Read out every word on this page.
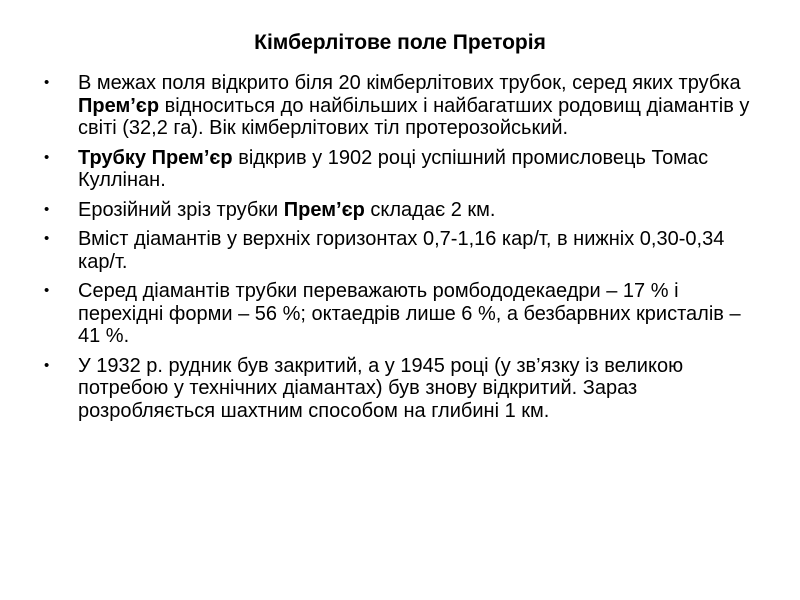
Кімберлітове поле Преторія
• В межах поля відкрито біля 20 кімберлітових трубок, серед яких трубка Прем’єр відноситься до найбільших і найбагатших родовищ діамантів у світі (32,2 га). Вік кімберлітових тіл протерозойський.
• Трубку Прем’єр відкрив у 1902 році успішний промисловець Томас Куллінан.
• Ерозійний зріз трубки Прем’єр складає 2 км.
• Вміст діамантів у верхніх горизонтах 0,7-1,16 кар/т, в нижніх 0,30-0,34 кар/т.
• Серед діамантів трубки переважають ромбододекаедри – 17 % і перехідні форми – 56 %; октаедрів лише 6 %, а безбарвних кристалів – 41 %.
• У 1932 р. рудник був закритий, а у 1945 році (у зв’язку із великою потребою у технічних діамантах) був знову відкритий. Зараз розробляється шахтним способом на глибині 1 км.
